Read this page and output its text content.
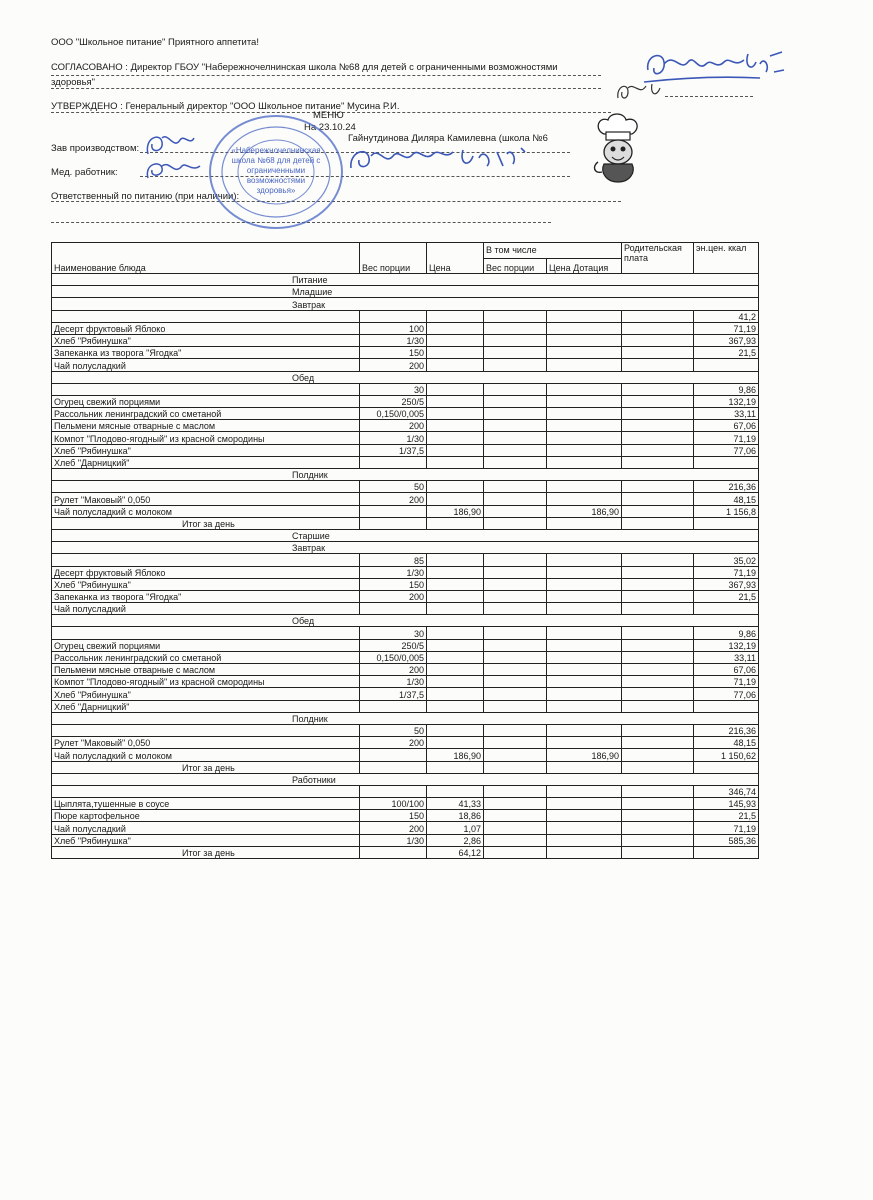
ООО "Школьное питание" Приятного аппетита!
СОГЛАСОВАНО : Директор ГБОУ "Набережночелнинская школа №68 для детей с ограниченными возможностями
здоровья"
УТВЕРЖДЕНО : Генеральный директор "ООО Школьное питание" Мусина Р.И.
МЕНЮ
На 23.10.24
Зав производством:
Гайнутдинова Диляра Камилевна (школа №6
Мед. работник:
Ответственный по питанию (при наличии):
«Набережночелнинская
школа №68 для детей с
ограниченными
возможностями
здоровья»
Наименование блюда	Вес порции	Цена	В том числе		Родительская плата	эн.цен. ккал
			Вес порции	Цена Дотация		
Питание						
Младшие						
Завтрак						
						41,2
Десерт фруктовый Яблоко	100					71,19
Хлеб "Рябинушка"	1/30					367,93
Запеканка из творога "Ягодка"	150					21,5
Чай полусладкий	200					
Обед						
	30					9,86
Огурец свежий порциями	250/5					132,19
Рассольник ленинградский со сметаной	0,150/0,005					33,11
Пельмени мясные отварные с маслом	200					67,06
Компот "Плодово-ягодный" из красной смородины	1/30					71,19
Хлеб "Рябинушка"	1/37,5					77,06
Хлеб "Дарницкий"						
Полдник						
	50					216,36
Рулет "Маковый" 0,050	200					48,15
Чай полусладкий с молоком		186,90		186,90		1 156,8
Итог за день						
Старшие						
Завтрак						
	85					35,02
Десерт фруктовый Яблоко	1/30					71,19
Хлеб "Рябинушка"	150					367,93
Запеканка из творога "Ягодка"	200					21,5
Чай полусладкий						
Обед						
	30					9,86
Огурец свежий порциями	250/5					132,19
Рассольник ленинградский со сметаной	0,150/0,005					33,11
Пельмени мясные отварные с маслом	200					67,06
Компот "Плодово-ягодный" из красной смородины	1/30					71,19
Хлеб "Рябинушка"	1/37,5					77,06
Хлеб "Дарницкий"						
Полдник						
	50					216,36
Рулет "Маковый" 0,050	200					48,15
Чай полусладкий с молоком		186,90		186,90		1 150,62
Итог за день						
Работники						
						346,74
Цыплята,тушенные в соусе	100/100	41,33				145,93
Пюре картофельное	150	18,86				21,5
Чай полусладкий	200	1,07				71,19
Хлеб "Рябинушка"	1/30	2,86				585,36
Итог за день		64,12				
